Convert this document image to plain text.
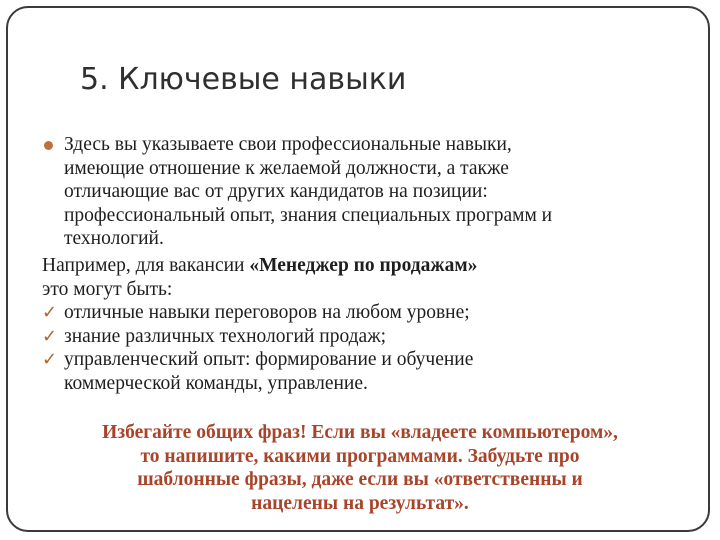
5. Ключевые навыки
Здесь вы указываете свои профессиональные навыки,
имеющие отношение к желаемой должности, а также
отличающие вас от других кандидатов на позиции:
профессиональный опыт, знания специальных программ и
технологий.
Например, для вакансии «Менеджер по продажам»
это могут быть:
✓ отличные навыки переговоров на любом уровне;
✓ знание различных технологий продаж;
✓ управленческий опыт: формирование и обучение
коммерческой команды, управление.
Избегайте общих фраз! Если вы «владеете компьютером»,
то напишите, какими программами. Забудьте про
шаблонные фразы, даже если вы «ответственны и
нацелены на результат».
